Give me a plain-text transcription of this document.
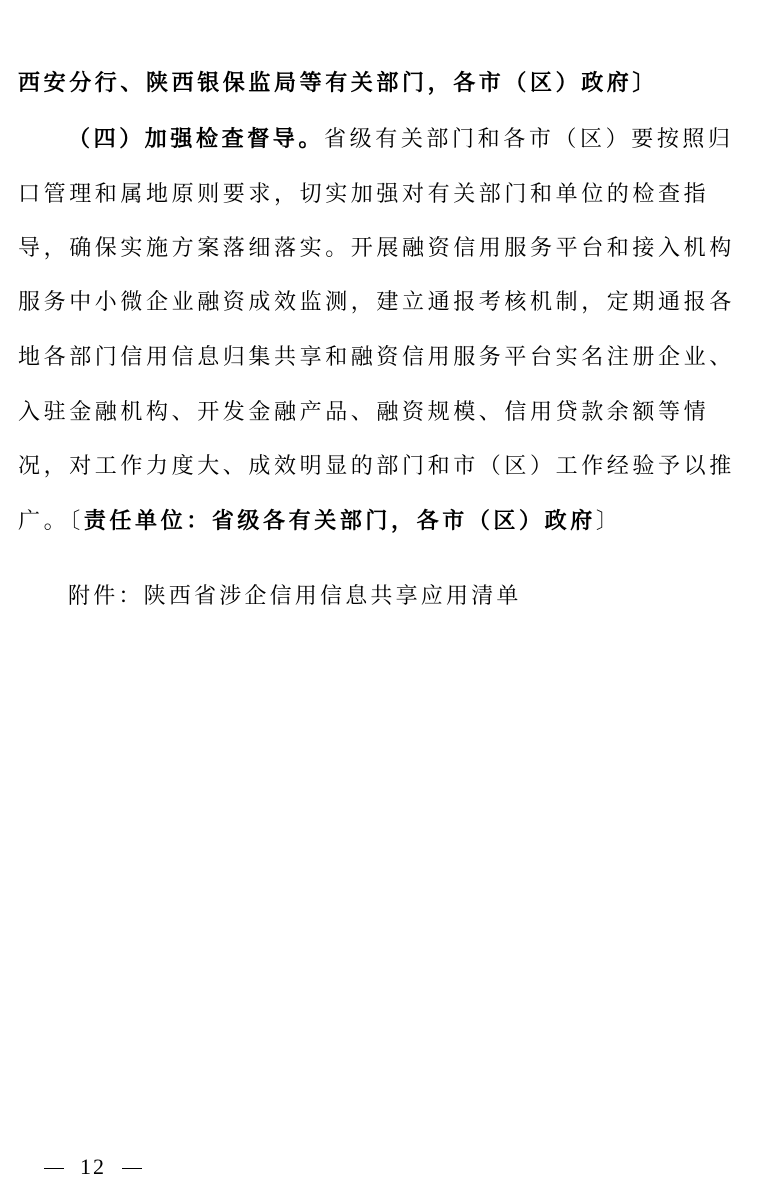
西安分行、陕西银保监局等有关部门，各市（区）政府〕
（四）加强检查督导。省级有关部门和各市（区）要按照归
口管理和属地原则要求，切实加强对有关部门和单位的检查指
导，确保实施方案落细落实。开展融资信用服务平台和接入机构
服务中小微企业融资成效监测，建立通报考核机制，定期通报各
地各部门信用信息归集共享和融资信用服务平台实名注册企业、
入驻金融机构、开发金融产品、融资规模、信用贷款余额等情
况，对工作力度大、成效明显的部门和市（区）工作经验予以推
广。〔责任单位：省级各有关部门，各市（区）政府〕
附件：陕西省涉企信用信息共享应用清单
12
